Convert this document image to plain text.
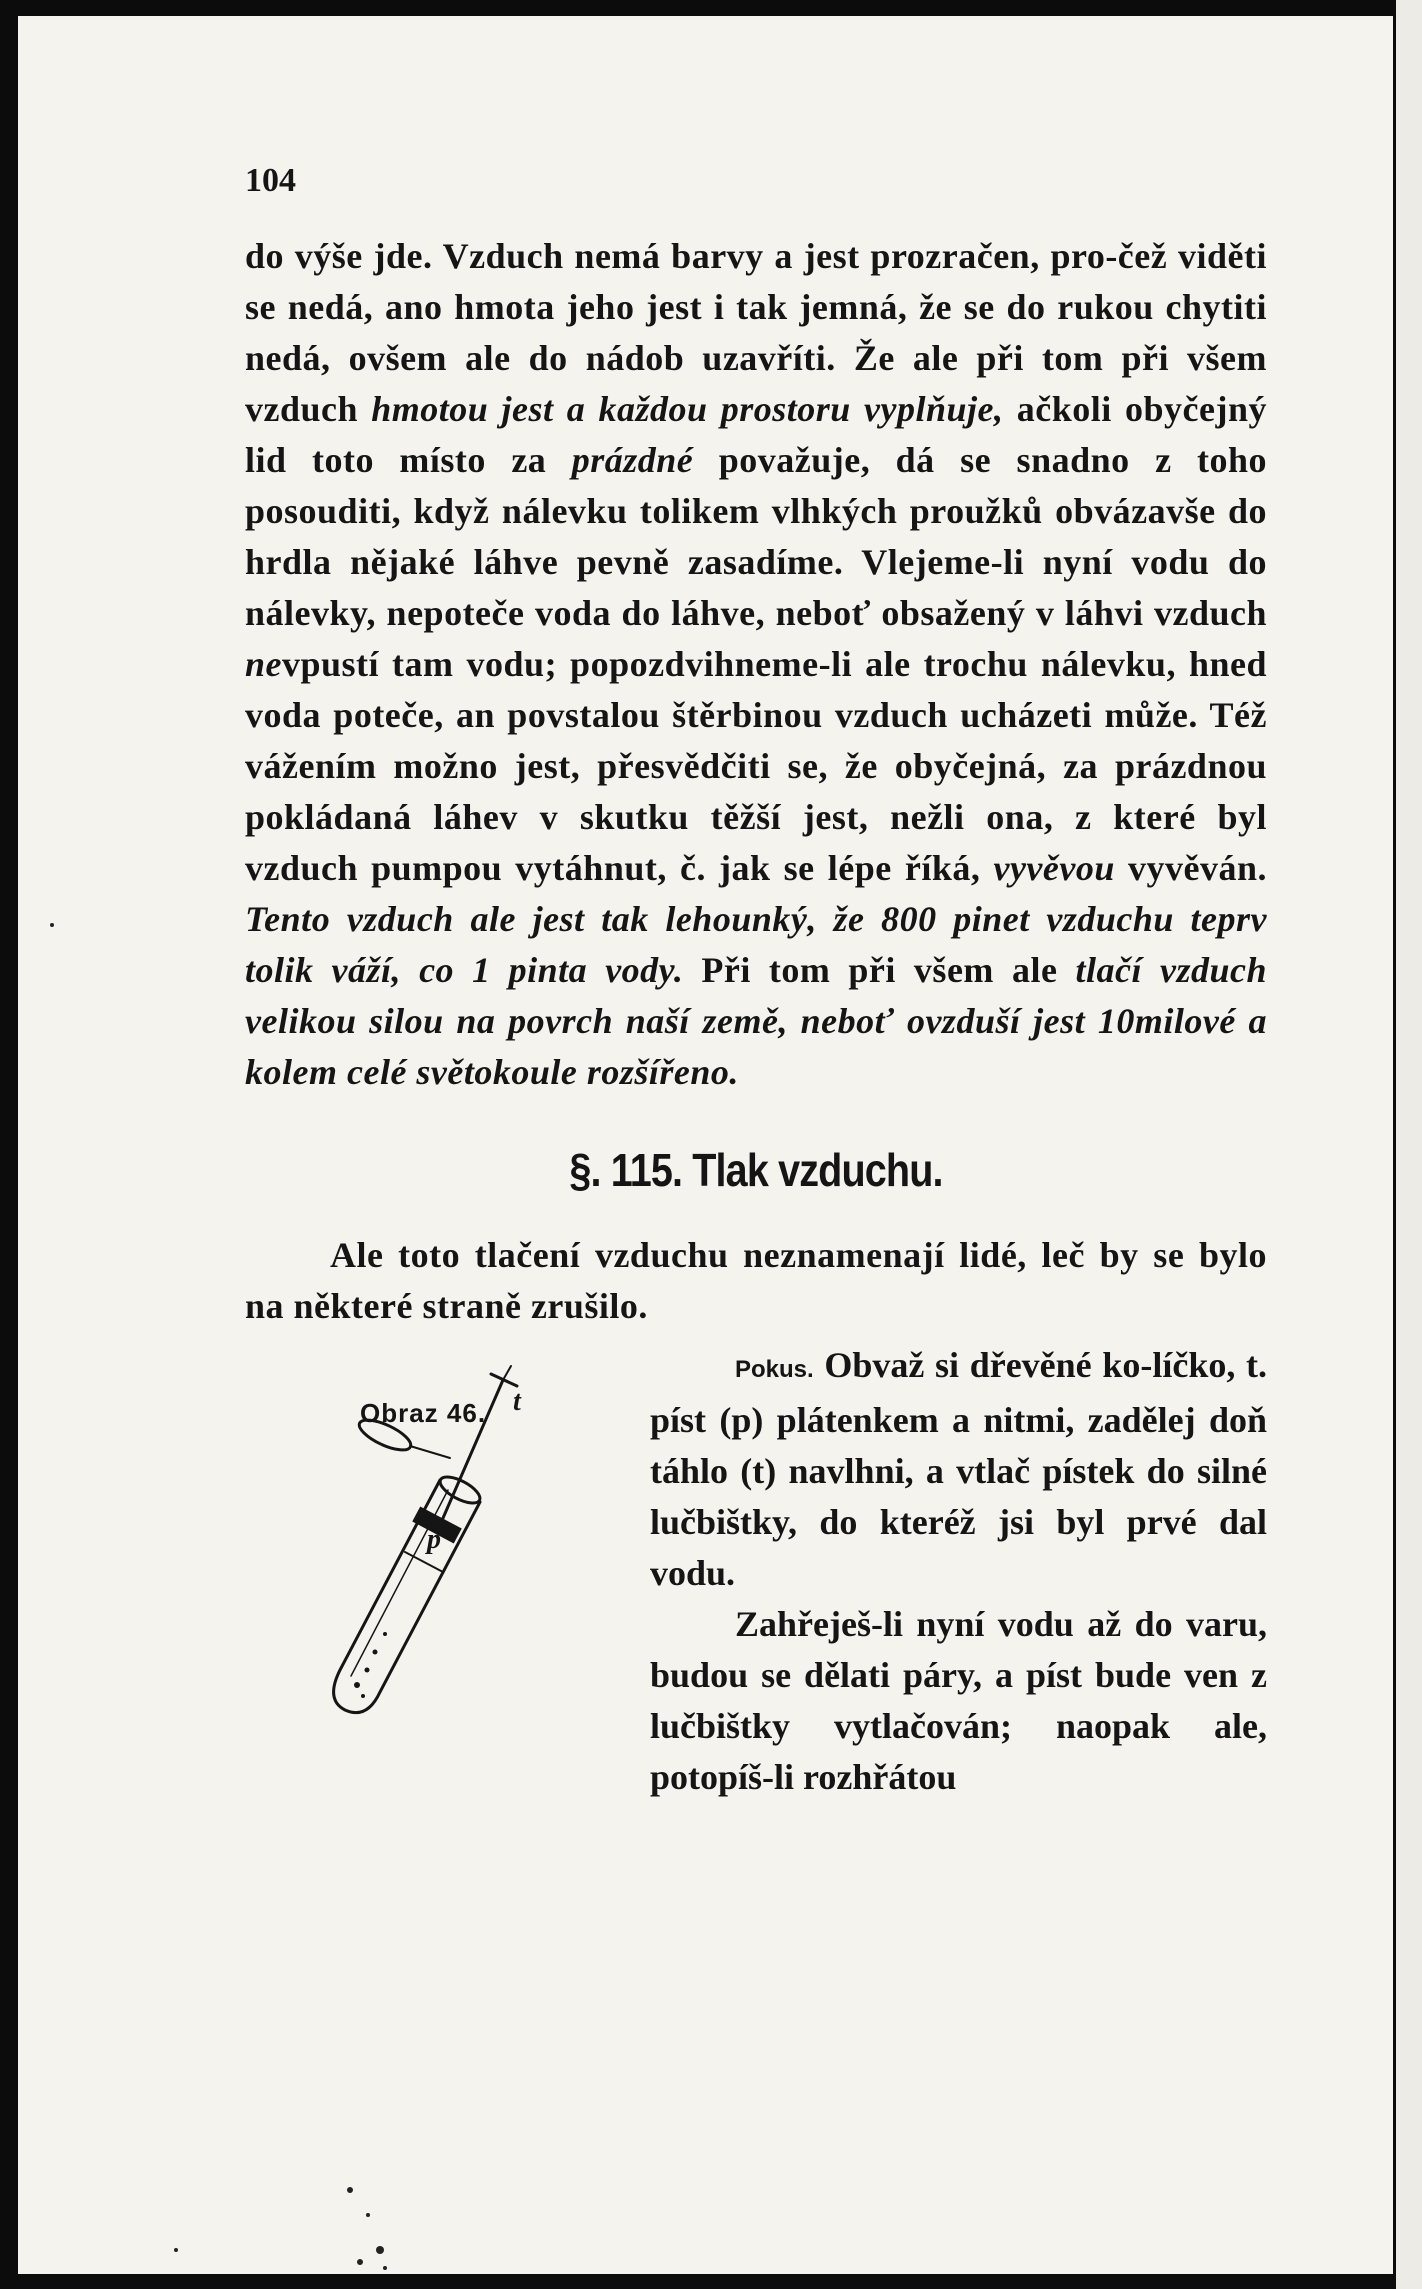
104

do výše jde. Vzduch nemá barvy a jest prozračen, pro-čež viděti se nedá, ano hmota jeho jest i tak jemná, že se do rukou chytiti nedá, ovšem ale do nádob uzavříti. Že ale při tom při všem vzduch hmotou jest a každou prostoru vyplňuje, ačkoli obyčejný lid toto místo za prázdné považuje, dá se snadno z toho posouditi, když nálevku tolikem vlhkých proužků obvázavše do hrdla nějaké láhve pevně zasadíme. Vlejeme-li nyní vodu do nálevky, nepoteče voda do láhve, neboť obsažený v láhvi vzduch nevpustí tam vodu; popozdvihneme-li ale trochu nálevku, hned voda poteče, an povstalou štěrbinou vzduch ucházeti může. Též vážením možno jest, přesvědčiti se, že obyčejná, za prázdnou pokládaná láhev v skutku těžší jest, nežli ona, z které byl vzduch pumpou vytáhnut, č. jak se lépe říká, vyvěvou vyvěván. Tento vzduch ale jest tak lehounký, že 800 pinet vzduchu teprv tolik váží, co 1 pinta vody. Při tom při všem ale tlačí vzduch velikou silou na povrch naší země, neboť ovzduší jest 10milové a kolem celé světokoule rozšířeno.

§. 115. Tlak vzduchu.

Ale toto tlačení vzduchu neznamenají lidé, leč by se bylo na některé straně zrušilo.

Obraz 46.
p
t

Pokus. Obvaž si dřevěné ko-líčko, t. píst (p) plátenkem a nitmi, zadělej doň táhlo (t) navlhni, a vtlač pístek do silné lučbištky, do kteréž jsi byl prvé dal vodu.

Zahřeješ-li nyní vodu až do varu, budou se dělati páry, a píst bude ven z lučbištky vytlačován; naopak ale, potopíš-li rozhřátou
